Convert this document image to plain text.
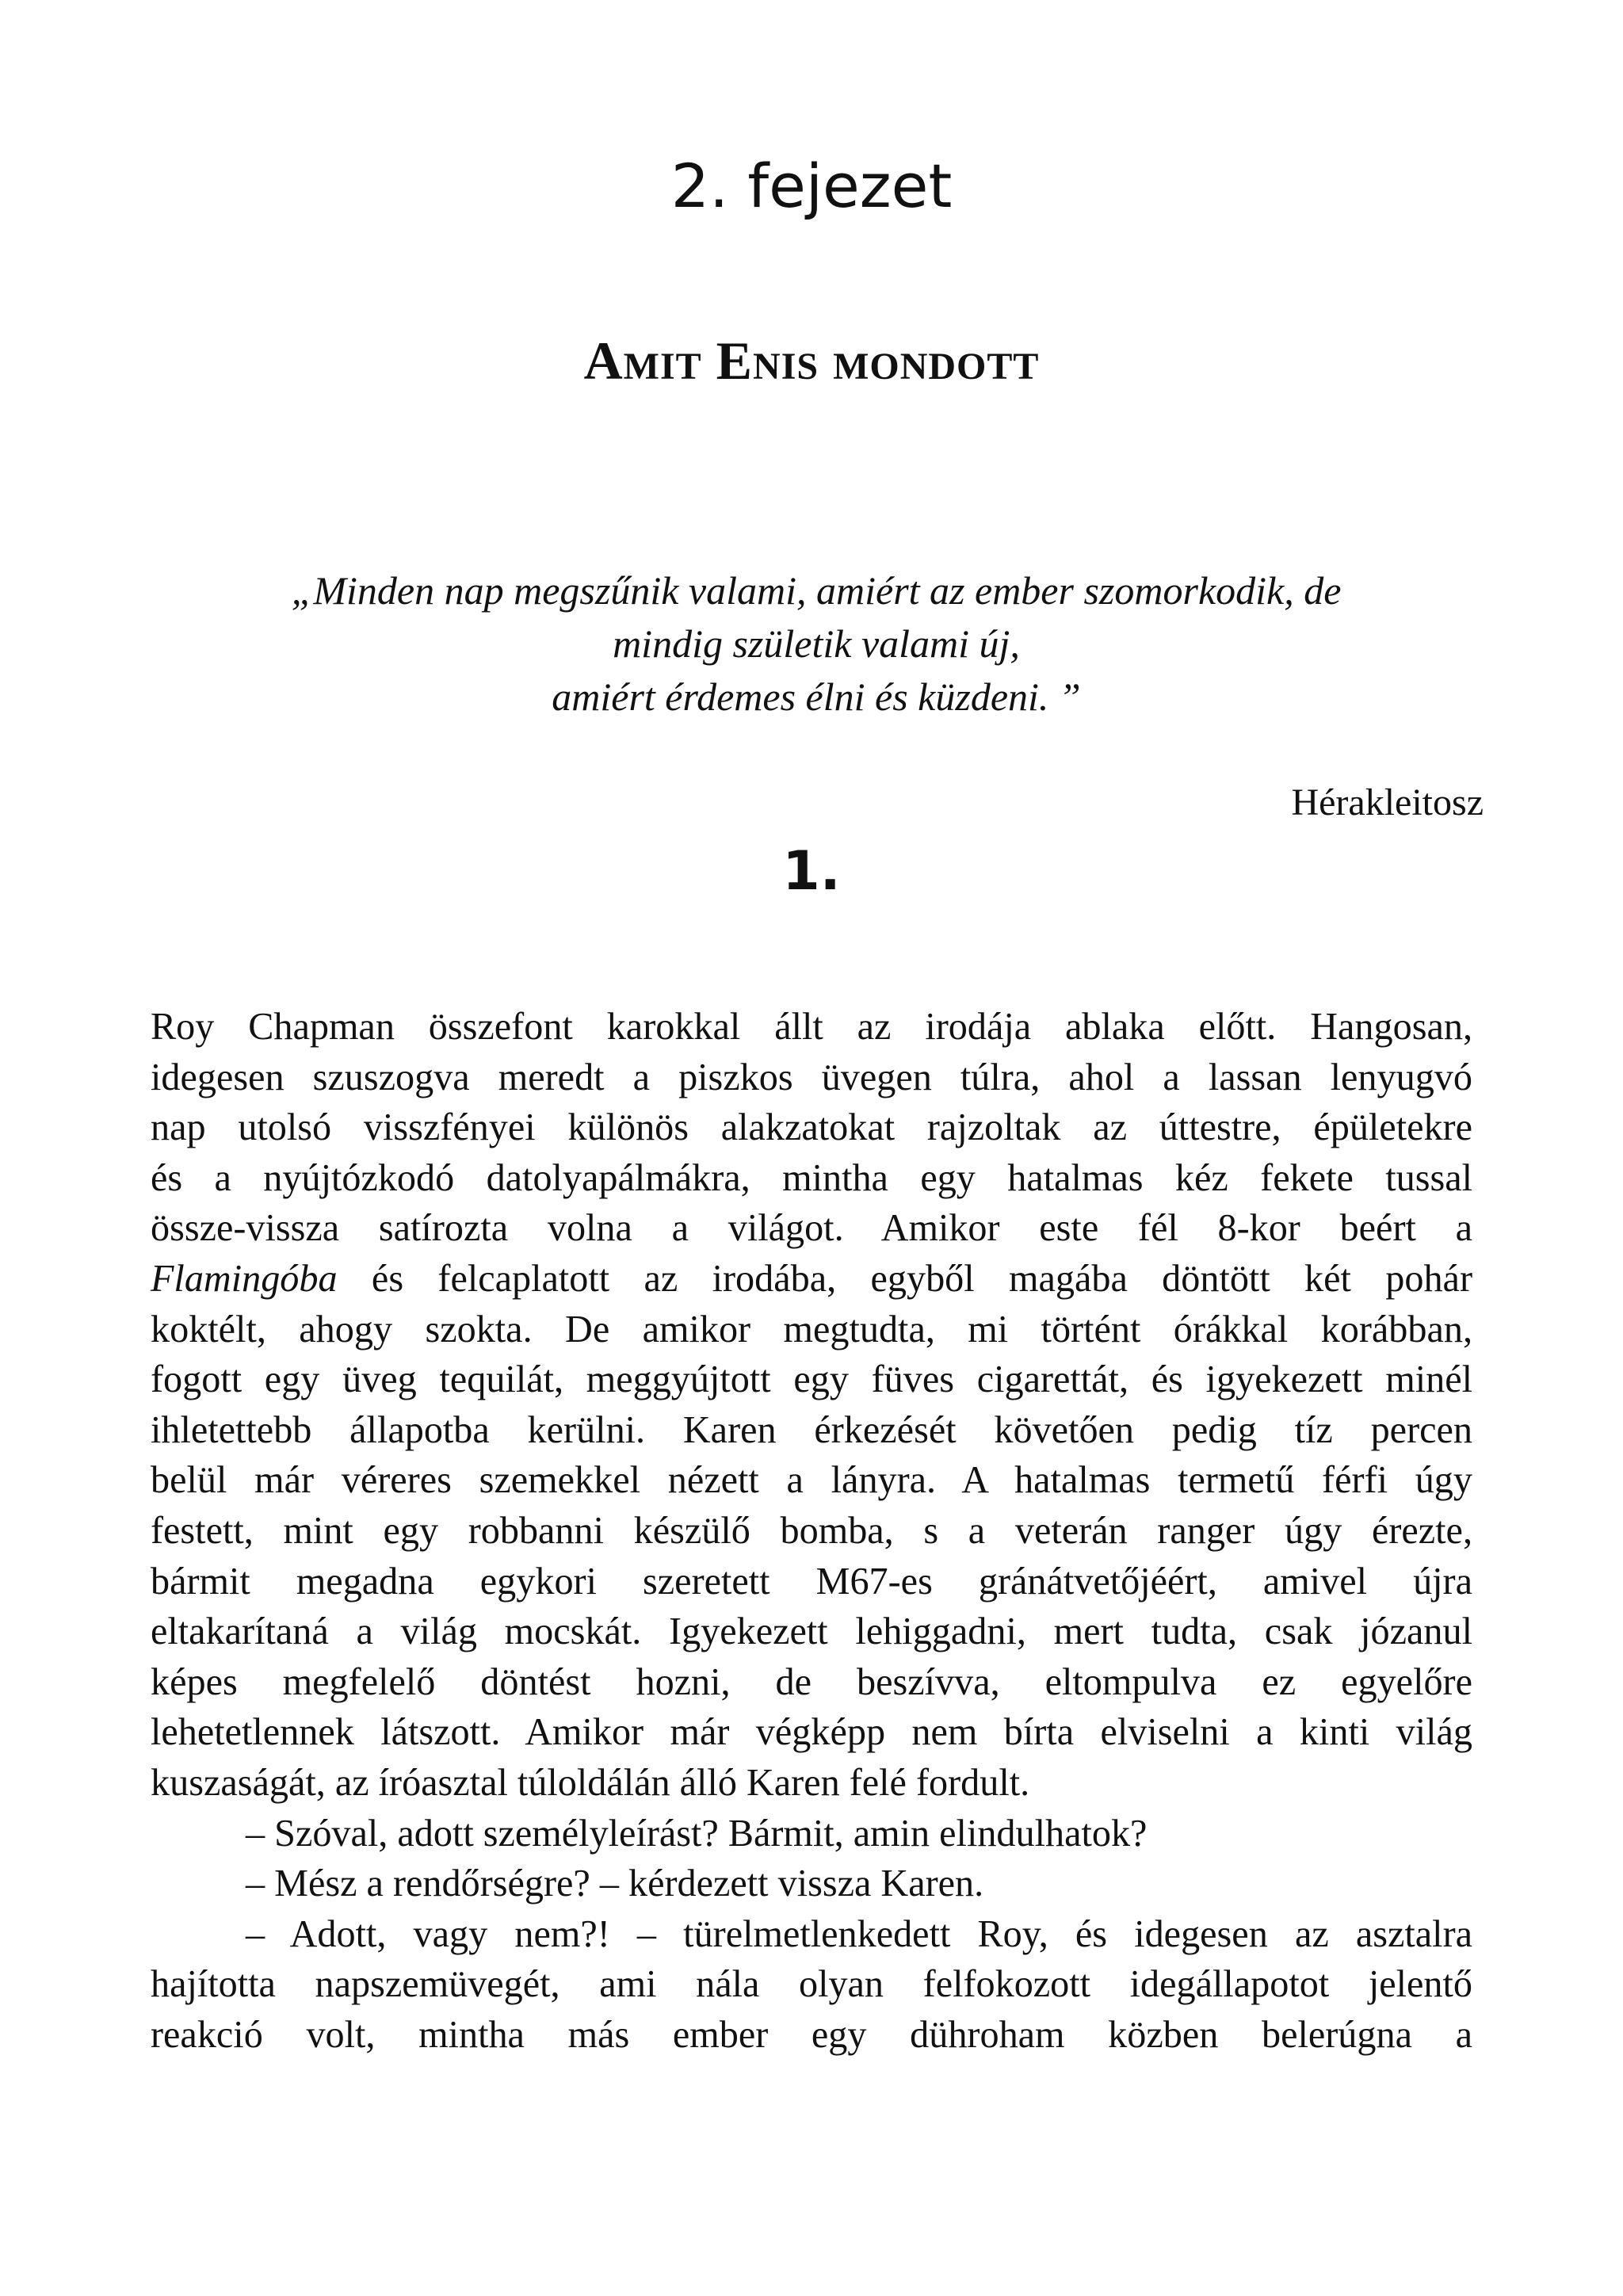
2. fejezet
Amit Enis mondott
„Minden nap megszűnik valami, amiért az ember szomorkodik, de
mindig születik valami új,
amiért érdemes élni és küzdeni. ”
Hérakleitosz
1.

Roy Chapman összefont karokkal állt az irodája ablaka előtt. Hangosan,
idegesen szuszogva meredt a piszkos üvegen túlra, ahol a lassan lenyugvó
nap utolsó visszfényei különös alakzatokat rajzoltak az úttestre, épületekre
és a nyújtózkodó datolyapálmákra, mintha egy hatalmas kéz fekete tussal
össze-vissza satírozta volna a világot. Amikor este fél 8-kor beért a
Flamingóba és felcaplatott az irodába, egyből magába döntött két pohár
koktélt, ahogy szokta. De amikor megtudta, mi történt órákkal korábban,
fogott egy üveg tequilát, meggyújtott egy füves cigarettát, és igyekezett minél
ihletettebb állapotba kerülni. Karen érkezését követően pedig tíz percen
belül már véreres szemekkel nézett a lányra. A hatalmas termetű férfi úgy
festett, mint egy robbanni készülő bomba, s a veterán ranger úgy érezte,
bármit megadna egykori szeretett M67-es gránátvetőjéért, amivel újra
eltakarítaná a világ mocskát. Igyekezett lehiggadni, mert tudta, csak józanul
képes megfelelő döntést hozni, de beszívva, eltompulva ez egyelőre
lehetetlennek látszott. Amikor már végképp nem bírta elviselni a kinti világ
kuszaságát, az íróasztal túloldálán álló Karen felé fordult.

– Szóval, adott személyleírást? Bármit, amin elindulhatok?

– Mész a rendőrségre? – kérdezett vissza Karen.

– Adott, vagy nem?! – türelmetlenkedett Roy, és idegesen az asztalra
hajította napszemüvegét, ami nála olyan felfokozott idegállapotot jelentő
reakció volt, mintha más ember egy dühroham közben belerúgna a
